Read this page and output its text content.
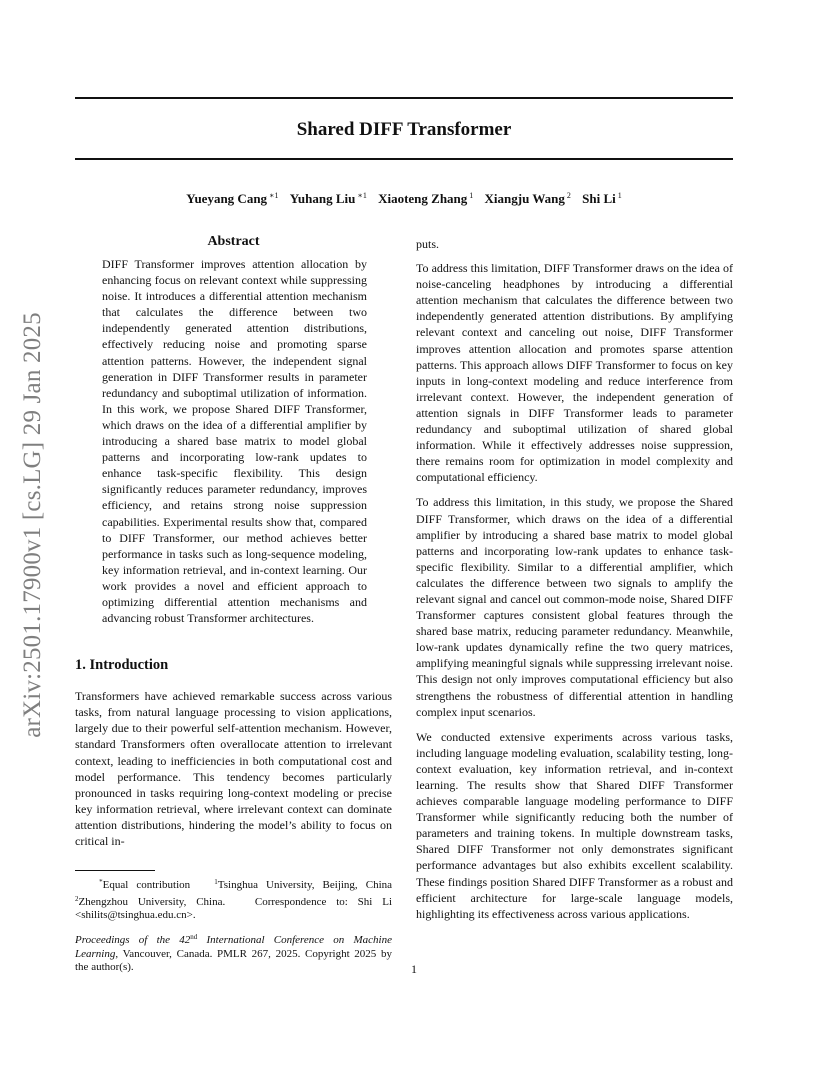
Shared DIFF Transformer
Yueyang Cang $^{∗1}$ Yuhang Liu $^{∗1}$ Xiaoteng Zhang $^1$ Xiangju Wang $^2$ Shi Li $^1$
arXiv:2501.17900v1 [cs.LG] 29 Jan 2025
Abstract

DIFF Transformer improves attention allocation by enhancing focus on relevant context while suppressing noise. It introduces a differential attention mechanism that calculates the difference between two independently generated attention distributions, effectively reducing noise and promoting sparse attention patterns. However, the independent signal generation in DIFF Transformer results in parameter redundancy and suboptimal utilization of information. In this work, we propose Shared DIFF Transformer, which draws on the idea of a differential amplifier by introducing a shared base matrix to model global patterns and incorporating low-rank updates to enhance task-specific flexibility. This design significantly reduces parameter redundancy, improves efficiency, and retains strong noise suppression capabilities. Experimental results show that, compared to DIFF Transformer, our method achieves better performance in tasks such as long-sequence modeling, key information retrieval, and in-context learning. Our work provides a novel and efficient approach to optimizing differential attention mechanisms and advancing robust Transformer architectures.

1. Introduction

Transformers have achieved remarkable success across various tasks, from natural language processing to vision applications, largely due to their powerful self-attention mechanism. However, standard Transformers often overallocate attention to irrelevant context, leading to inefficiencies in both computational cost and model performance. This tendency becomes particularly pronounced in tasks requiring long-context modeling or precise key information retrieval, where irrelevant context can dominate attention distributions, hindering the model’s ability to focus on critical in-

puts.

To address this limitation, DIFF Transformer draws on the idea of noise-canceling headphones by introducing a differential attention mechanism that calculates the difference between two independently generated attention distributions. By amplifying relevant context and canceling out noise, DIFF Transformer improves attention allocation and promotes sparse attention patterns. This approach allows DIFF Transformer to focus on key inputs in long-context modeling and reduce interference from irrelevant context. However, the independent generation of attention signals in DIFF Transformer leads to parameter redundancy and suboptimal utilization of shared global information. While it effectively addresses noise suppression, there remains room for optimization in model complexity and computational efficiency.

To address this limitation, in this study, we propose the Shared DIFF Transformer, which draws on the idea of a differential amplifier by introducing a shared base matrix to model global patterns and incorporating low-rank updates to enhance task-specific flexibility. Similar to a differential amplifier, which calculates the difference between two signals to amplify the relevant signal and cancel out common-mode noise, Shared DIFF Transformer captures consistent global features through the shared base matrix, reducing parameter redundancy. Meanwhile, low-rank updates dynamically refine the two query matrices, amplifying meaningful signals while suppressing irrelevant noise. This design not only improves computational efficiency but also strengthens the robustness of differential attention in handling complex input scenarios.

We conducted extensive experiments across various tasks, including language modeling evaluation, scalability testing, long-context evaluation, key information retrieval, and in-context learning. The results show that Shared DIFF Transformer achieves comparable language modeling performance to DIFF Transformer while significantly reducing both the number of parameters and training tokens. In multiple downstream tasks, Shared DIFF Transformer not only demonstrates significant performance advantages but also exhibits excellent scalability. These findings position Shared DIFF Transformer as a robust and efficient architecture for large-scale language models, highlighting its effectiveness across various applications.

*Equal contribution	$^1$Tsinghua University, Beijing, China $^2$Zhengzhou University, China.	Correspondence to: Shi Li <shilits@tsinghua.edu.cn>.
Proceedings of the 42nd International Conference on Machine Learning, Vancouver, Canada. PMLR 267, 2025. Copyright 2025 by the author(s).	1
